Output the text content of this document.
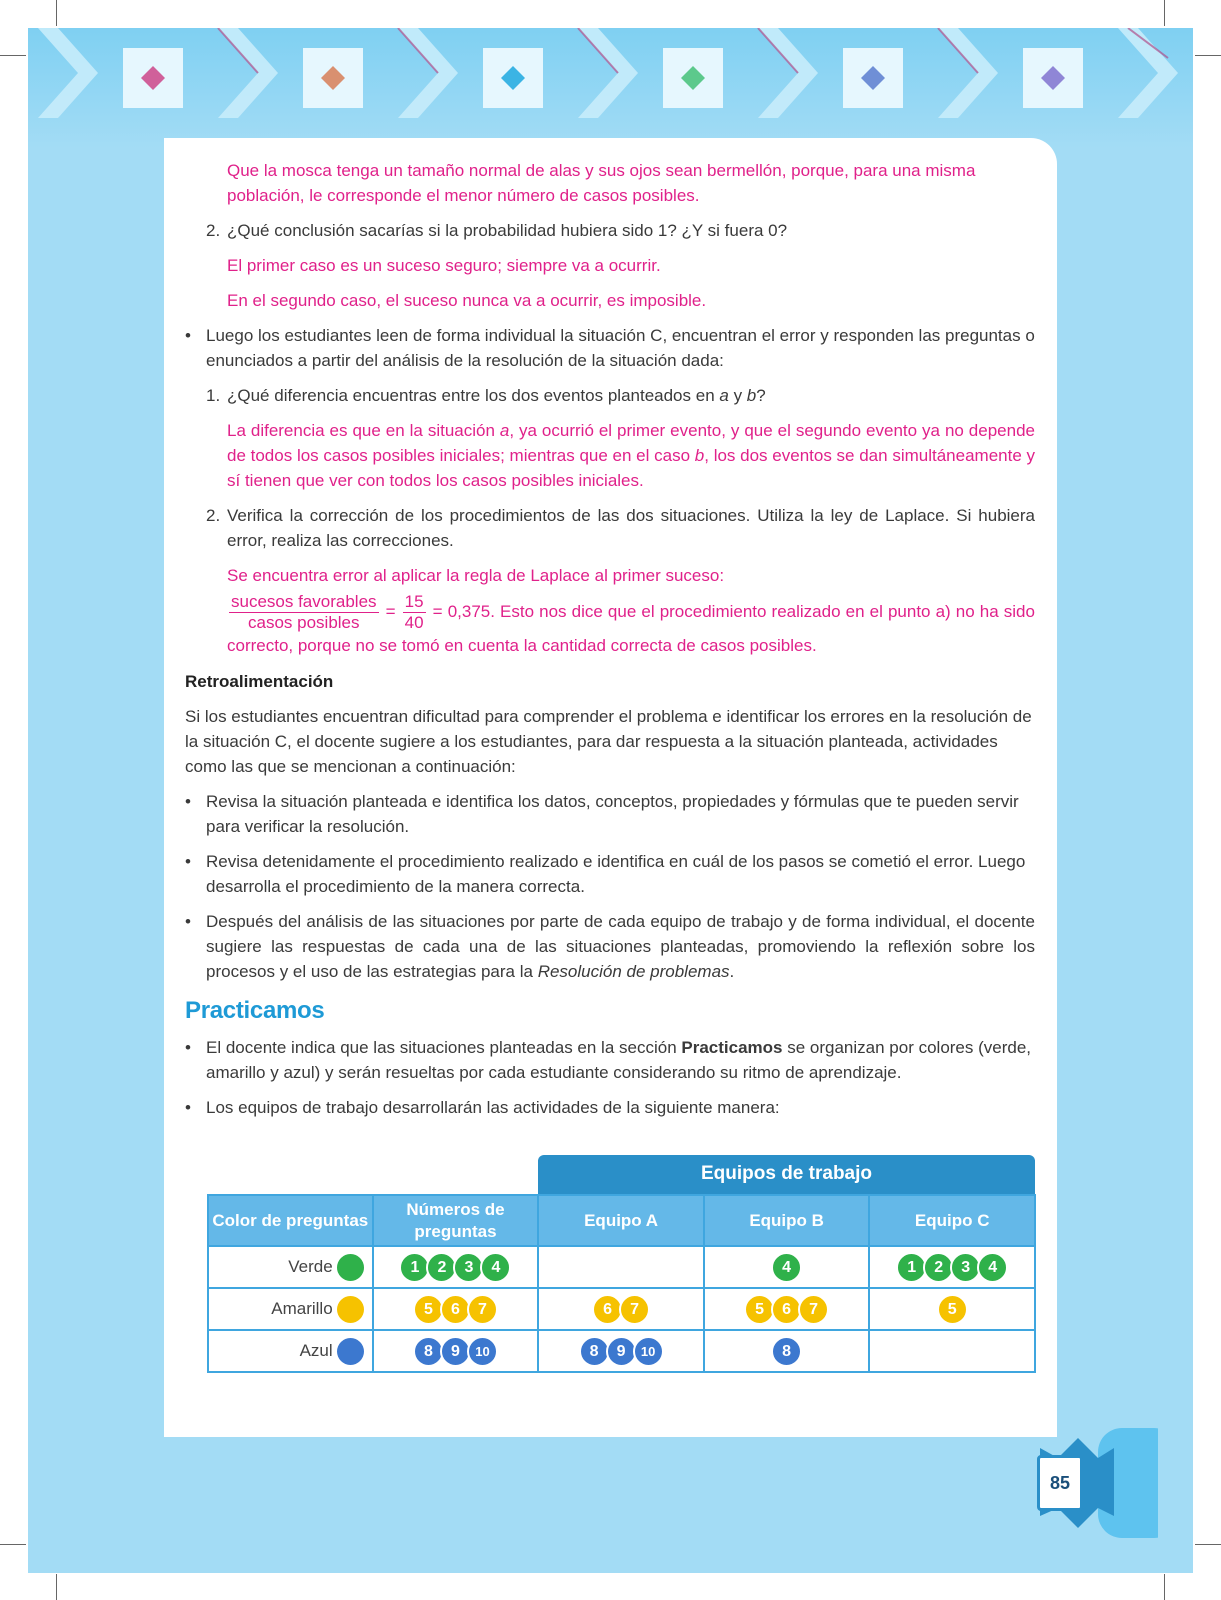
Que la mosca tenga un tamaño normal de alas y sus ojos sean bermellón, porque, para una misma población, le corresponde el menor número de casos posibles.

2. ¿Qué conclusión sacarías si la probabilidad hubiera sido 1? ¿Y si fuera 0?

El primer caso es un suceso seguro; siempre va a ocurrir.

En el segundo caso, el suceso nunca va a ocurrir, es imposible.

• Luego los estudiantes leen de forma individual la situación C, encuentran el error y responden las preguntas o enunciados a partir del análisis de la resolución de la situación dada:

1. ¿Qué diferencia encuentras entre los dos eventos planteados en a y b?

La diferencia es que en la situación a, ya ocurrió el primer evento, y que el segundo evento ya no depende de todos los casos posibles iniciales; mientras que en el caso b, los dos eventos se dan simultáneamente y sí tienen que ver con todos los casos posibles iniciales.

2. Verifica la corrección de los procedimientos de las dos situaciones. Utiliza la ley de Laplace. Si hubiera error, realiza las correcciones.

Se encuentra error al aplicar la regla de Laplace al primer suceso:

$\frac{\text{sucesos favorables}}{\text{casos posibles}} = \frac{15}{40} = 0,375$. Esto nos dice que el procedimiento realizado en el punto a) no ha sido correcto, porque no se tomó en cuenta la cantidad correcta de casos posibles.

Retroalimentación

Si los estudiantes encuentran dificultad para comprender el problema e identificar los errores en la resolución de la situación C, el docente sugiere a los estudiantes, para dar respuesta a la situación planteada, actividades como las que se mencionan a continuación:

• Revisa la situación planteada e identifica los datos, conceptos, propiedades y fórmulas que te pueden servir para verificar la resolución.

• Revisa detenidamente el procedimiento realizado e identifica en cuál de los pasos se cometió el error. Luego desarrolla el procedimiento de la manera correcta.

• Después del análisis de las situaciones por parte de cada equipo de trabajo y de forma individual, el docente sugiere las respuestas de cada una de las situaciones planteadas, promoviendo la reflexión sobre los procesos y el uso de las estrategias para la Resolución de problemas.

Practicamos

• El docente indica que las situaciones planteadas en la sección Practicamos se organizan por colores (verde, amarillo y azul) y serán resueltas por cada estudiante considerando su ritmo de aprendizaje.

• Los equipos de trabajo desarrollarán las actividades de la siguiente manera:

Equipos de trabajo
Color de preguntas	Números de preguntas	Equipo A	Equipo B	Equipo C
Verde	1 2 3 4		4	1 2 3 4
Amarillo	5 6 7	6 7	5 6 7	5
Azul	8 9 10	8 9 10	8	
85
